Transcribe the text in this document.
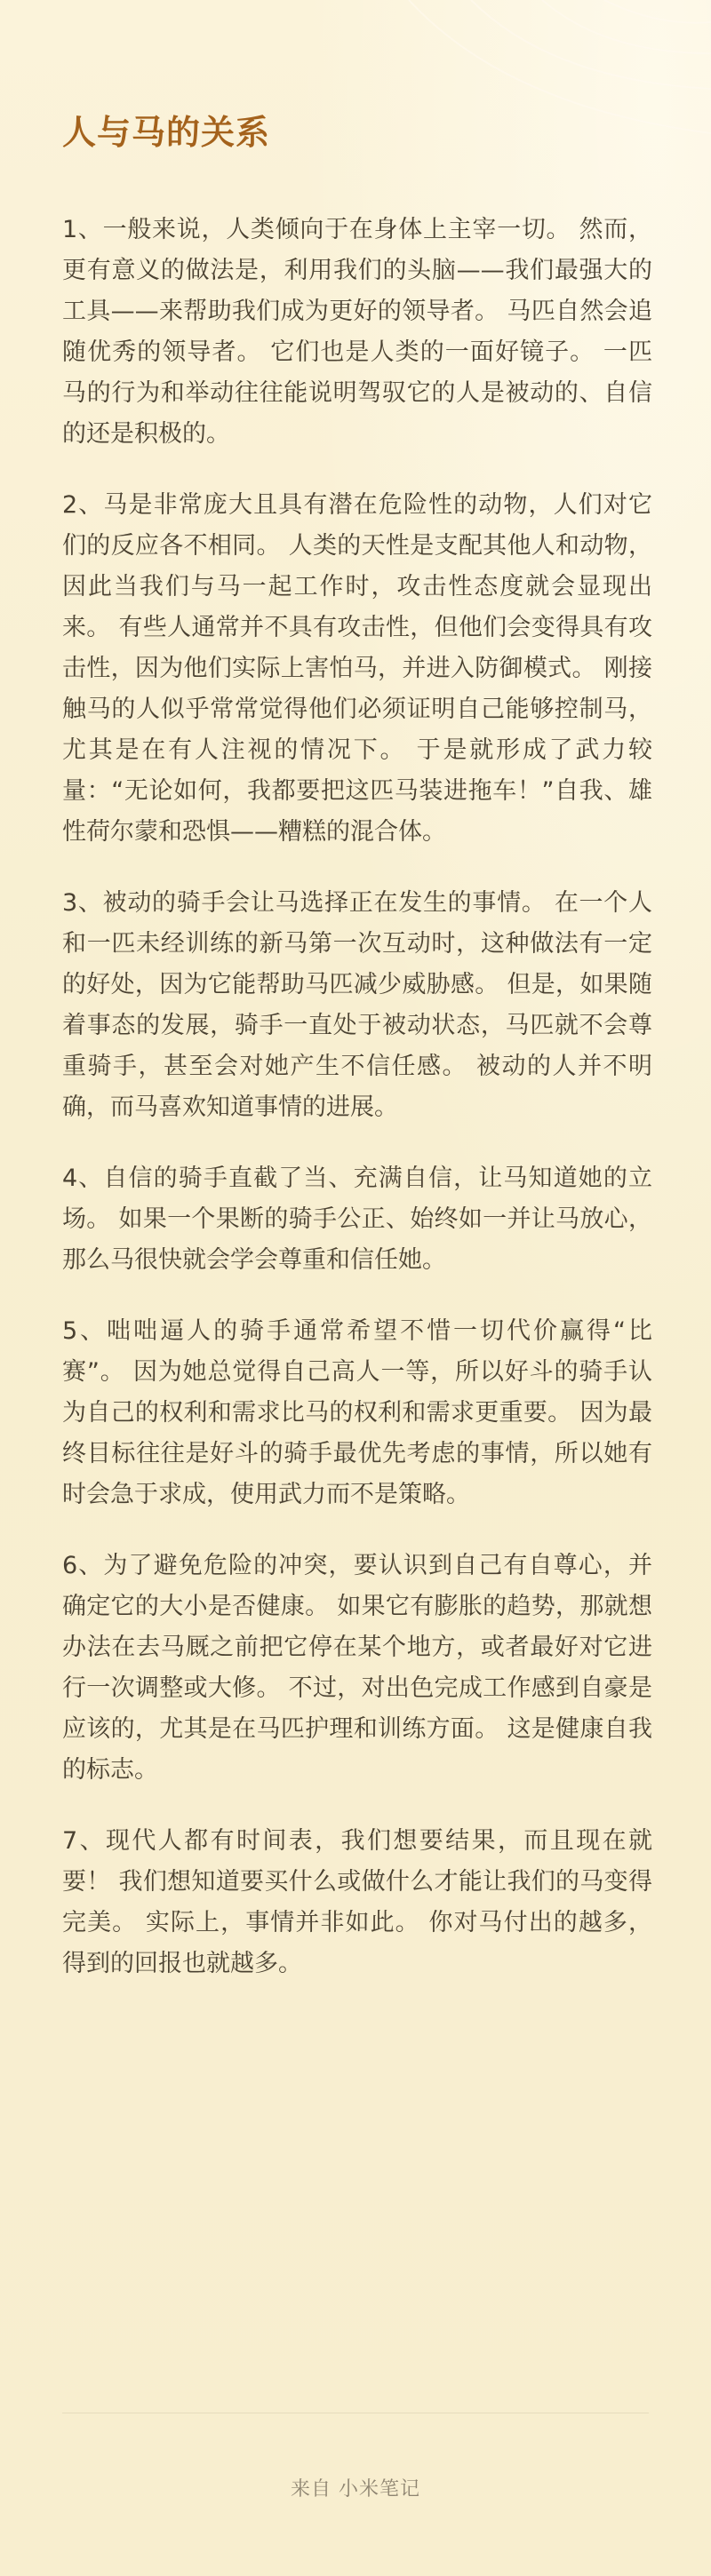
人与马的关系

1、一般来说，人类倾向于在身体上主宰一切。 然而，更有意义的做法是，利用我们的头脑——我们最强大的工具——来帮助我们成为更好的领导者。 马匹自然会追随优秀的领导者。 它们也是人类的一面好镜子。 一匹马的行为和举动往往能说明驾驭它的人是被动的、自信的还是积极的。

2、马是非常庞大且具有潜在危险性的动物，人们对它们的反应各不相同。 人类的天性是支配其他人和动物，因此当我们与马一起工作时，攻击性态度就会显现出来。 有些人通常并不具有攻击性，但他们会变得具有攻击性，因为他们实际上害怕马，并进入防御模式。 刚接触马的人似乎常常觉得他们必须证明自己能够控制马，尤其是在有人注视的情况下。 于是就形成了武力较量：“无论如何，我都要把这匹马装进拖车！”自我、雄性荷尔蒙和恐惧——糟糕的混合体。

3、被动的骑手会让马选择正在发生的事情。 在一个人和一匹未经训练的新马第一次互动时，这种做法有一定的好处，因为它能帮助马匹减少威胁感。 但是，如果随着事态的发展，骑手一直处于被动状态，马匹就不会尊重骑手，甚至会对她产生不信任感。 被动的人并不明确，而马喜欢知道事情的进展。

4、自信的骑手直截了当、充满自信，让马知道她的立场。 如果一个果断的骑手公正、始终如一并让马放心，那么马很快就会学会尊重和信任她。

5、咄咄逼人的骑手通常希望不惜一切代价赢得“比赛”。 因为她总觉得自己高人一等，所以好斗的骑手认为自己的权利和需求比马的权利和需求更重要。 因为最终目标往往是好斗的骑手最优先考虑的事情，所以她有时会急于求成，使用武力而不是策略。

6、为了避免危险的冲突，要认识到自己有自尊心，并确定它的大小是否健康。 如果它有膨胀的趋势，那就想办法在去马厩之前把它停在某个地方，或者最好对它进行一次调整或大修。 不过，对出色完成工作感到自豪是应该的，尤其是在马匹护理和训练方面。 这是健康自我的标志。

7、现代人都有时间表，我们想要结果，而且现在就要！ 我们想知道要买什么或做什么才能让我们的马变得完美。 实际上，事情并非如此。 你对马付出的越多，得到的回报也就越多。

来自 小米笔记
